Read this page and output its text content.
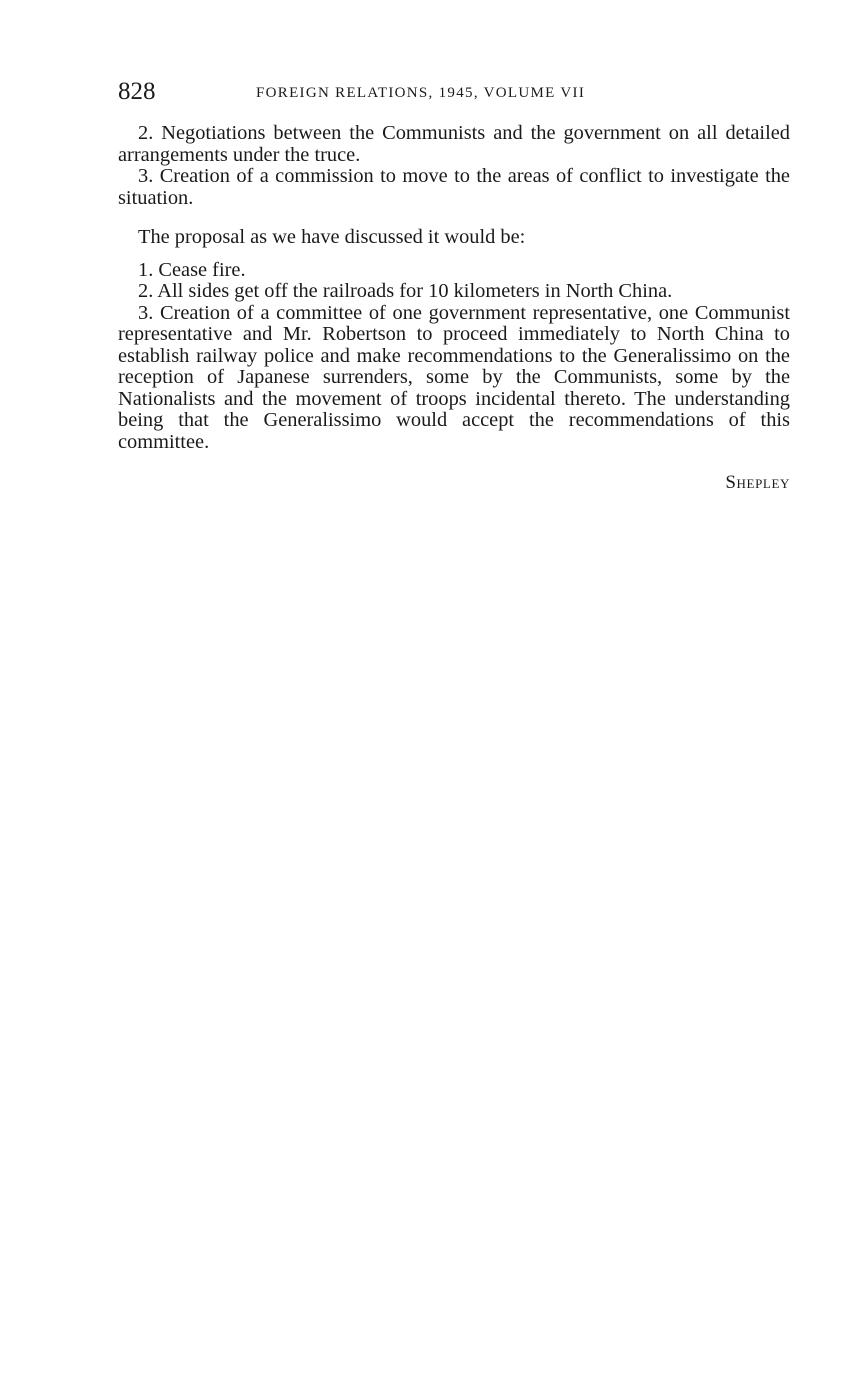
828	FOREIGN RELATIONS, 1945, VOLUME VII

2. Negotiations between the Communists and the government on all detailed arrangements under the truce.

3. Creation of a commission to move to the areas of conflict to investigate the situation.

The proposal as we have discussed it would be:

1. Cease fire.

2. All sides get off the railroads for 10 kilometers in North China.

3. Creation of a committee of one government representative, one Communist representative and Mr. Robertson to proceed immediately to North China to establish railway police and make recommendations to the Generalissimo on the reception of Japanese surrenders, some by the Communists, some by the Nationalists and the movement of troops incidental thereto. The understanding being that the Generalissimo would accept the recommendations of this committee.

Shepley
